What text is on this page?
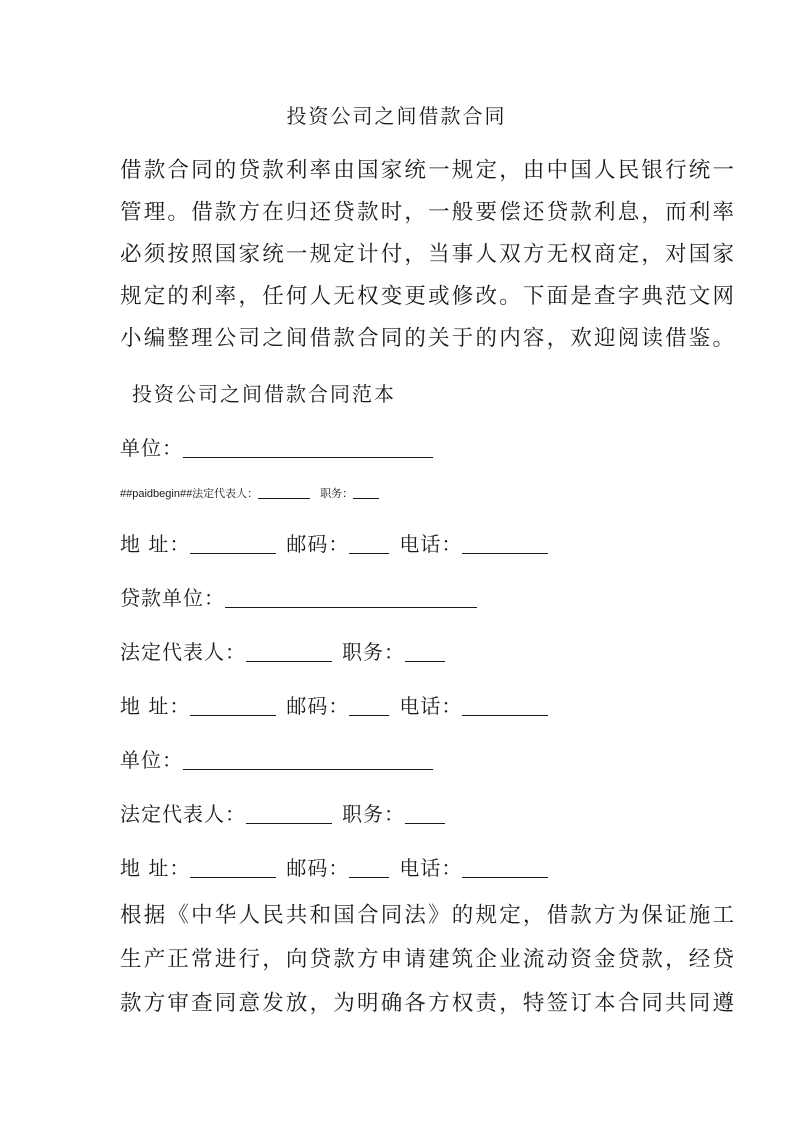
投资公司之间借款合同
借款合同的贷款利率由国家统一规定，由中国人民银行统一
管理。借款方在归还贷款时，一般要偿还贷款利息，而利率
必须按照国家统一规定计付，当事人双方无权商定，对国家
规定的利率，任何人无权变更或修改。下面是查字典范文网
小编整理公司之间借款合同的关于的内容，欢迎阅读借鉴。
投资公司之间借款合同范本
单位：
##paidbegin##法定代表人：	职务：
地 址：	邮码：	电话：
贷款单位：
法定代表人：	职务：
地 址：	邮码：	电话：
单位：
法定代表人：	职务：
地 址：	邮码：	电话：
根据《中华人民共和国合同法》的规定，借款方为保证施工
生产正常进行，向贷款方申请建筑企业流动资金贷款，经贷
款方审查同意发放，为明确各方权责，特签订本合同共同遵
